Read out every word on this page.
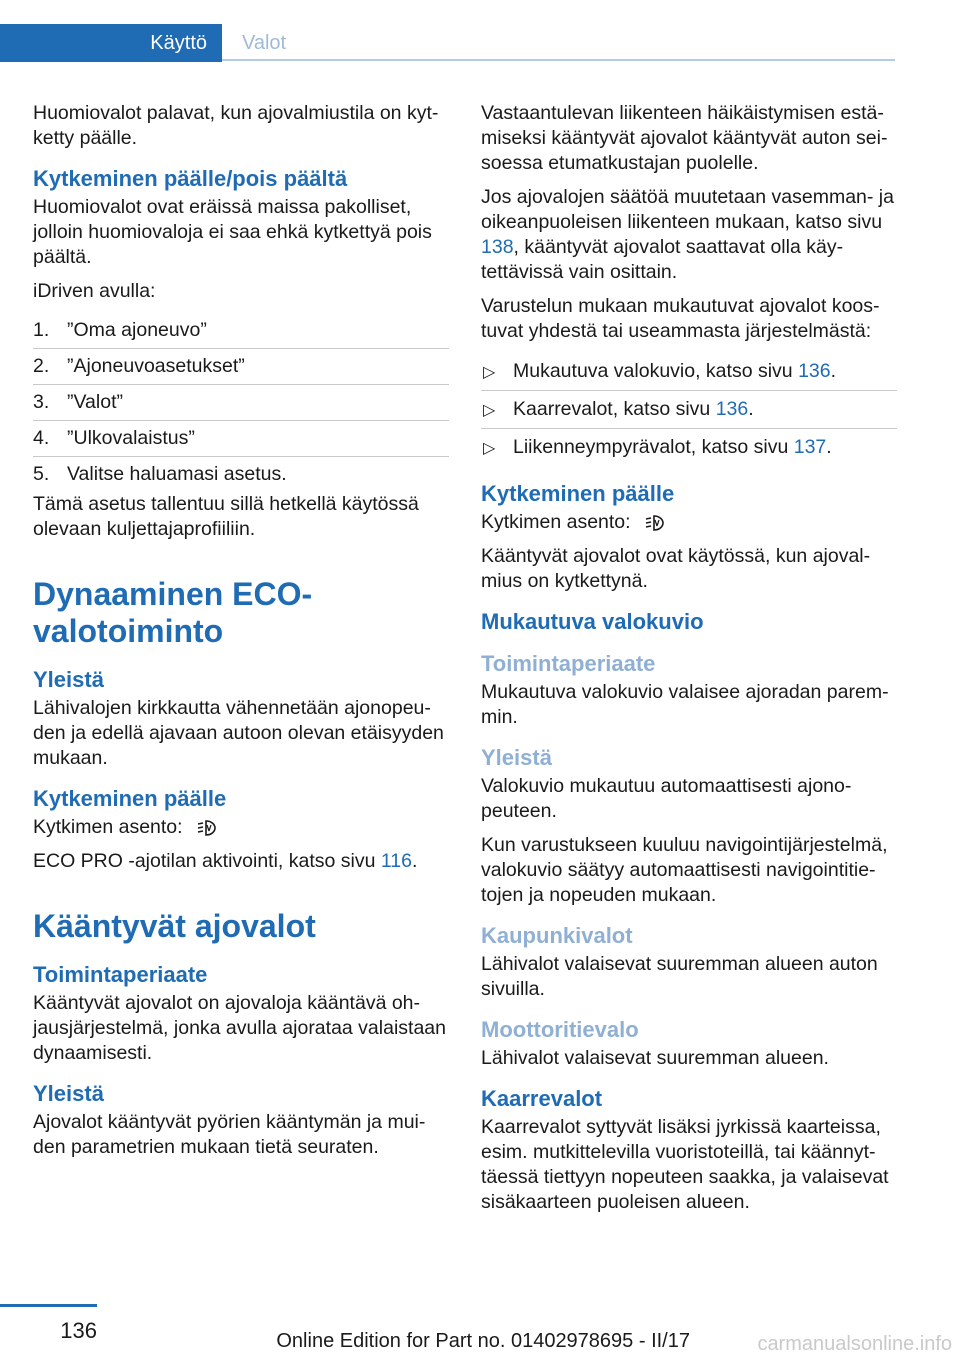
Käyttö Valot

Huomiovalot palavat, kun ajovalmiustila on kyt-ketty päälle.

Kytkeminen päälle/pois päältä

Huomiovalot ovat eräissä maissa pakolliset, jolloin huomiovaloja ei saa ehkä kytkettyä pois päältä.

iDriven avulla:

1. ”Oma ajoneuvo”
2. ”Ajoneuvoasetukset”
3. ”Valot”
4. ”Ulkovalaistus”
5. Valitse haluamasi asetus.

Tämä asetus tallentuu sillä hetkellä käytössä olevaan kuljettajaprofiiliin.

Dynaaminen ECO-valotoiminto
Yleistä

Lähivalojen kirkkautta vähennetään ajonopeu-den ja edellä ajavaan autoon olevan etäisyyden mukaan.

Kytkeminen päälle

Kytkimen asento:

ECO PRO -ajotilan aktivointi, katso sivu 116.

Kääntyvät ajovalot
Toimintaperiaate

Kääntyvät ajovalot on ajovaloja kääntävä oh-jausjärjestelmä, jonka avulla ajorataa valaistaan dynaamisesti.

Yleistä

Ajovalot kääntyvät pyörien kääntymän ja mui-den parametrien mukaan tietä seuraten.

Vastaantulevan liikenteen häikäistymisen estä-miseksi kääntyvät ajovalot kääntyvät auton sei-soessa etumatkustajan puolelle.

Jos ajovalojen säätöä muutetaan vasemman- ja oikeanpuoleisen liikenteen mukaan, katso sivu 138, kääntyvät ajovalot saattavat olla käy-tettävissä vain osittain.

Varustelun mukaan mukautuvat ajovalot koos-tuvat yhdestä tai useammasta järjestelmästä:

▷ Mukautuva valokuvio, katso sivu 136.
▷ Kaarrevalot, katso sivu 136.
▷ Liikenneympyrävalot, katso sivu 137.
Kytkeminen päälle

Kytkimen asento:

Kääntyvät ajovalot ovat käytössä, kun ajoval-mius on kytkettynä.

Mukautuva valokuvio
Toimintaperiaate

Mukautuva valokuvio valaisee ajoradan parem-min.

Yleistä

Valokuvio mukautuu automaattisesti ajono-peuteen.

Kun varustukseen kuuluu navigointijärjestelmä, valokuvio säätyy automaattisesti navigointitie-tojen ja nopeuden mukaan.

Kaupunkivalot

Lähivalot valaisevat suuremman alueen auton sivuilla.

Moottoritievalo

Lähivalot valaisevat suuremman alueen.

Kaarrevalot

Kaarrevalot syttyvät lisäksi jyrkissä kaarteissa, esim. mutkittelevilla vuoristoteillä, tai käännyt-täessä tiettyyn nopeuteen saakka, ja valaisevat sisäkaarteen puoleisen alueen.

136	Online Edition for Part no. 01402978695 - II/17	carmanualsonline.info
